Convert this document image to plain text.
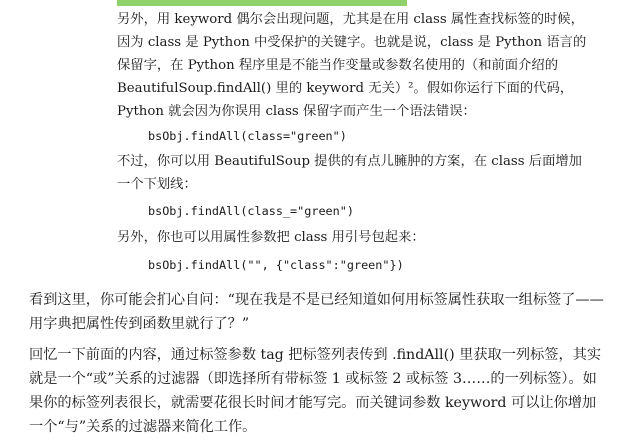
另外，用 keyword 偶尔会出现问题，尤其是在用 class 属性查找标签的时候，因为 class 是 Python 中受保护的关键字。也就是说，class 是 Python 语言的保留字，在 Python 程序里是不能当作变量或参数名使用的（和前面介绍的 BeautifulSoup.findAll() 里的 keyword 无关）²。假如你运行下面的代码，Python 就会因为你误用 class 保留字而产生一个语法错误：

bsObj.findAll(class="green")

不过，你可以用 BeautifulSoup 提供的有点儿臃肿的方案，在 class 后面增加一个下划线：

bsObj.findAll(class_="green")

另外，你也可以用属性参数把 class 用引号包起来：

bsObj.findAll("", {"class":"green"})

看到这里，你可能会扪心自问：“现在我是不是已经知道如何用标签属性获取一组标签了——用字典把属性传到函数里就行了？”

回忆一下前面的内容，通过标签参数 tag 把标签列表传到 .findAll() 里获取一列标签，其实就是一个“或”关系的过滤器（即选择所有带标签 1 或标签 2 或标签 3……的一列标签）。如果你的标签列表很长，就需要花很长时间才能写完。而关键词参数 keyword 可以让你增加一个“与”关系的过滤器来简化工作。
